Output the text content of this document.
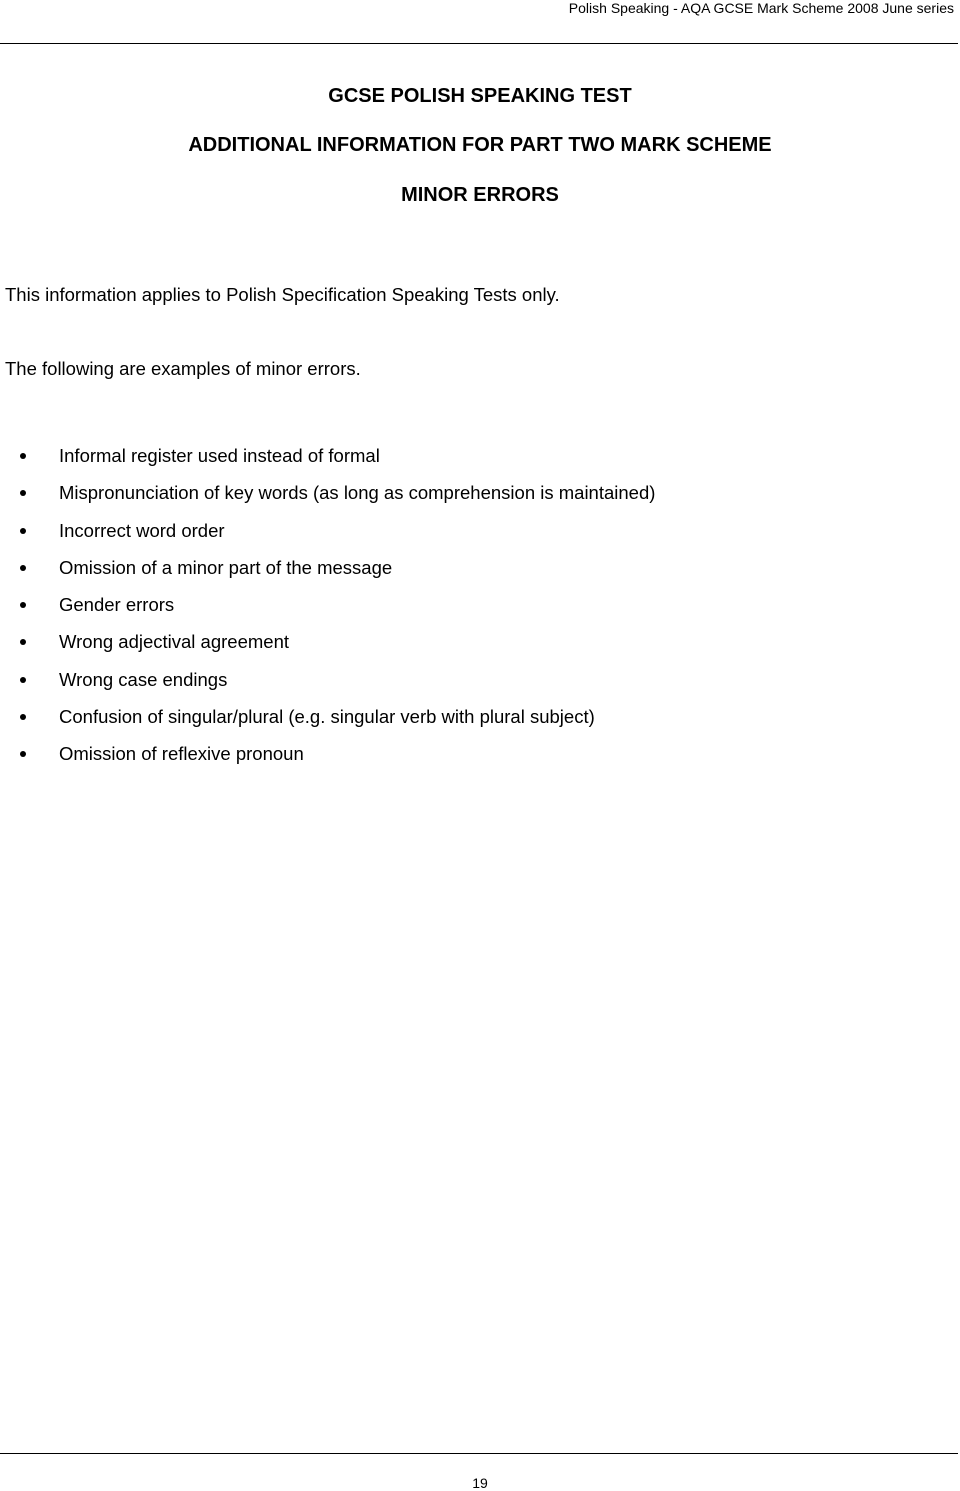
Polish Speaking - AQA GCSE Mark Scheme 2008 June series
GCSE POLISH SPEAKING TEST
ADDITIONAL INFORMATION FOR PART TWO MARK SCHEME
MINOR ERRORS
This information applies to Polish Specification Speaking Tests only.
The following are examples of minor errors.
Informal register used instead of formal
Mispronunciation of key words (as long as comprehension is maintained)
Incorrect word order
Omission of a minor part of the message
Gender errors
Wrong adjectival agreement
Wrong case endings
Confusion of singular/plural (e.g. singular verb with plural subject)
Omission of reflexive pronoun
19
